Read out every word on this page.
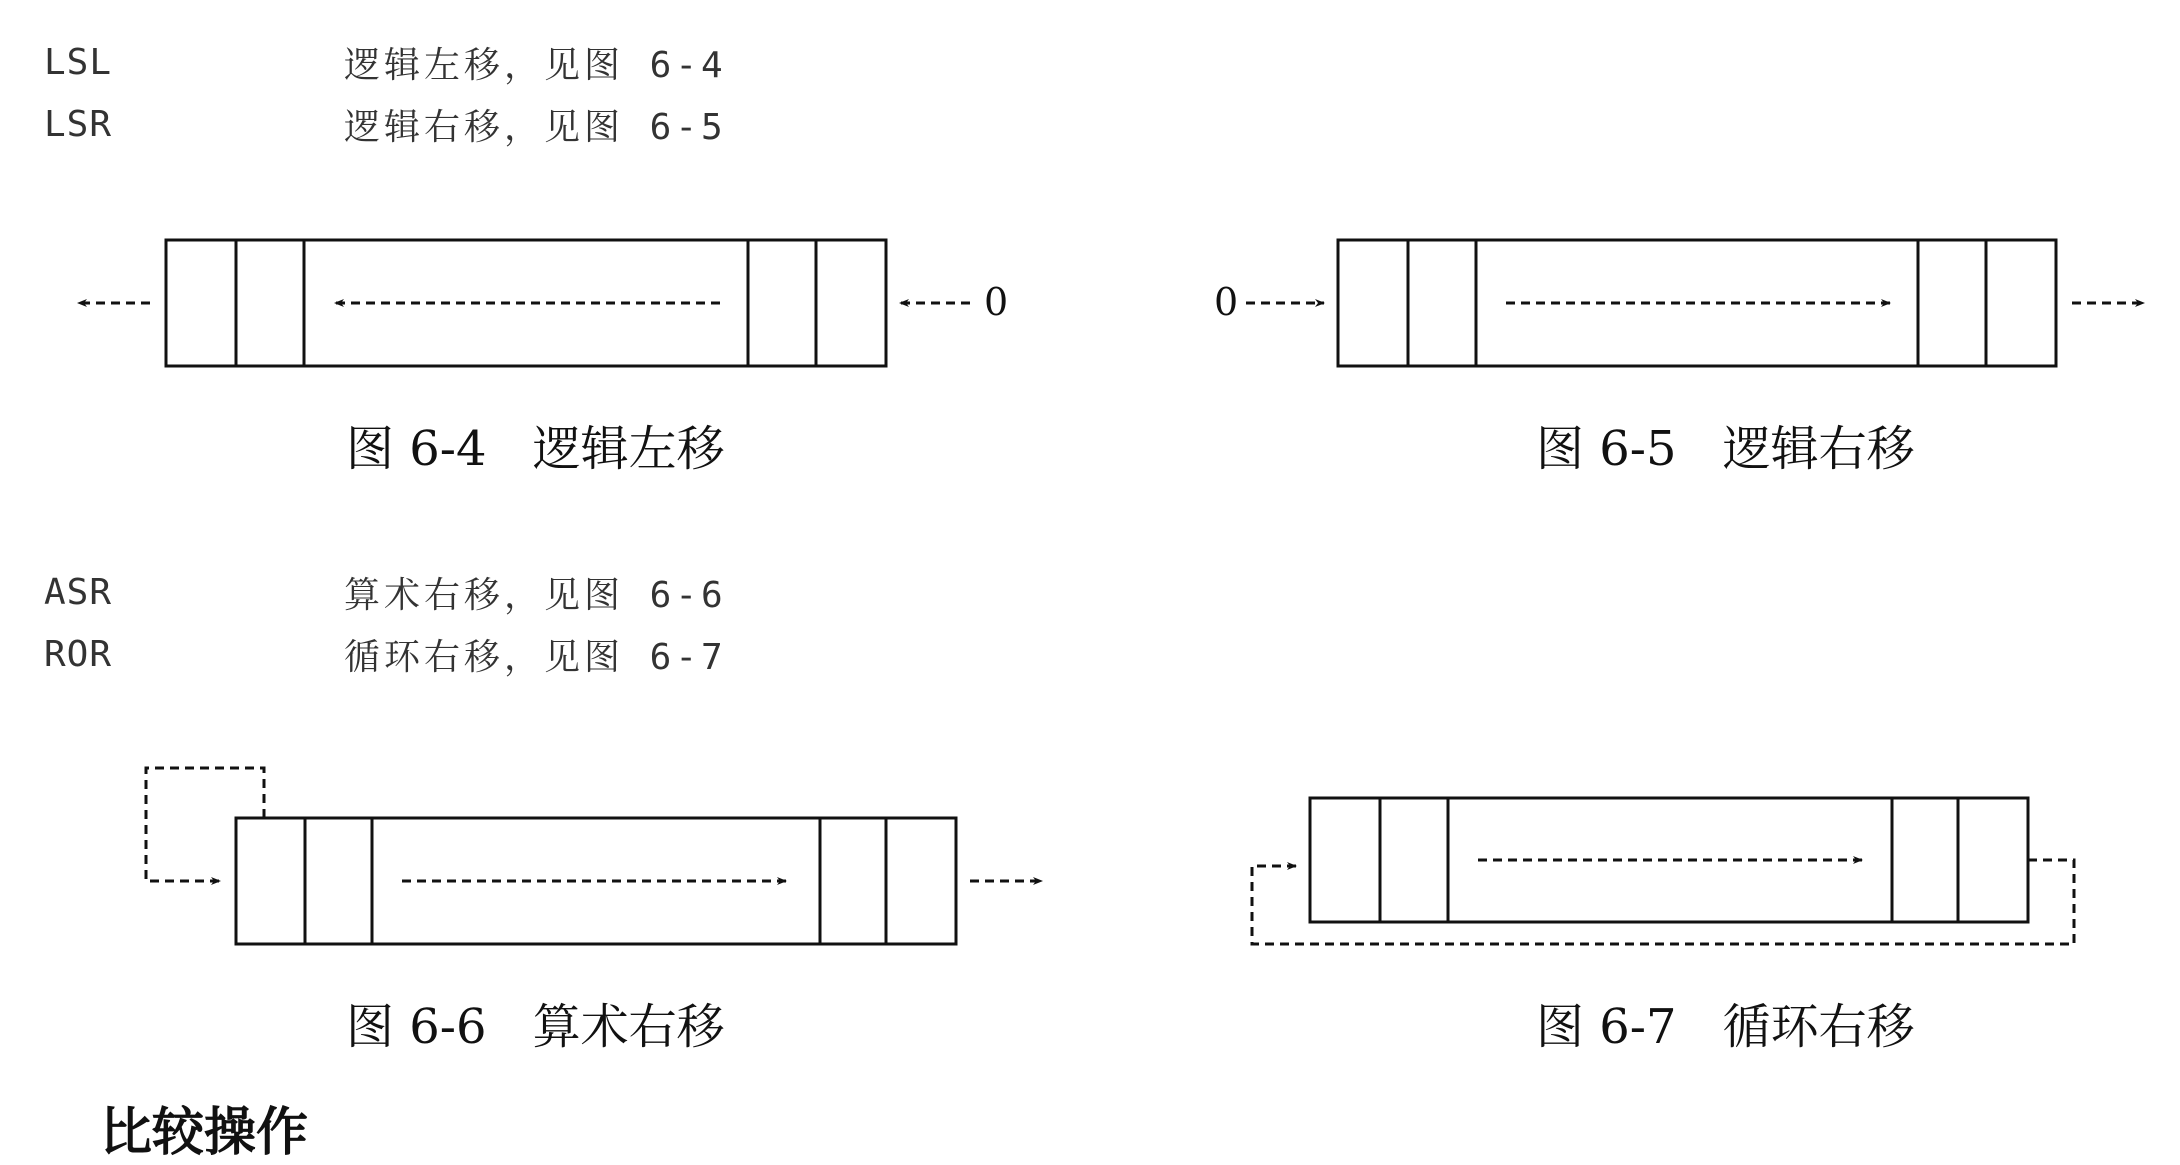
LSL	逻辑左移，见图 6-4
LSR	逻辑右移，见图 6-5
ASR	算术右移，见图 6-6
ROR	循环右移，见图 6-7
0	0
图 6-4 逻辑左移	图 6-5 逻辑右移
图 6-6 算术右移	图 6-7 循环右移
比较操作
